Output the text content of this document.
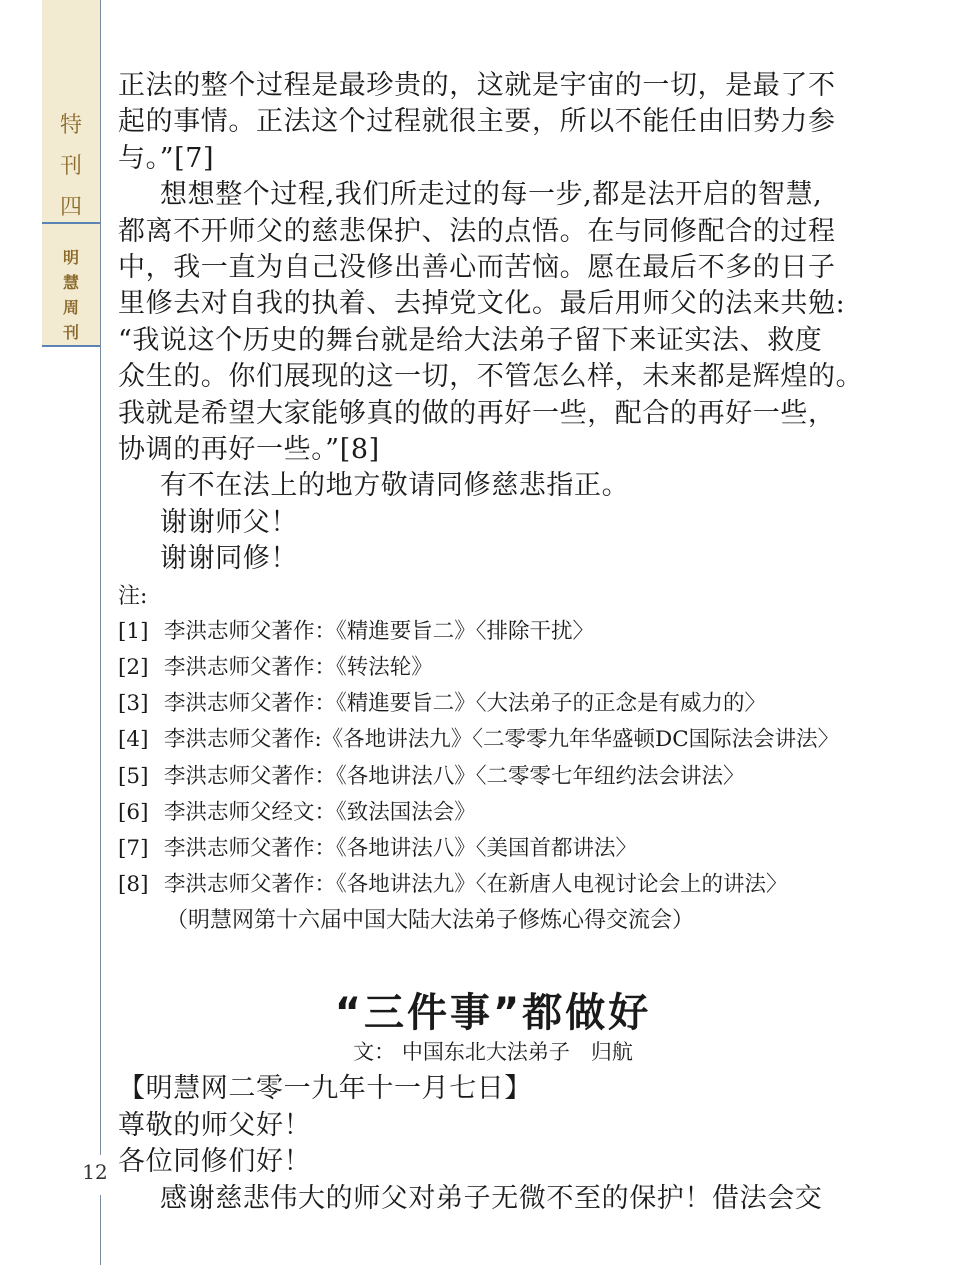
特
刊
四
明
慧
周
刊
12
正法的整个过程是最珍贵的，这就是宇宙的一切，是最了不
起的事情。正法这个过程就很主要，所以不能任由旧势力参
与。”[7]
想想整个过程,我们所走过的每一步,都是法开启的智慧,
都离不开师父的慈悲保护、法的点悟。在与同修配合的过程
中，我一直为自己没修出善心而苦恼。愿在最后不多的日子
里修去对自我的执着、去掉党文化。最后用师父的法来共勉:
“我说这个历史的舞台就是给大法弟子留下来证实法、救度
众生的。你们展现的这一切，不管怎么样，未来都是辉煌的。
我就是希望大家能够真的做的再好一些，配合的再好一些，
协调的再好一些。”[8]
有不在法上的地方敬请同修慈悲指正。
谢谢师父！
谢谢同修！
注:
[1] 李洪志师父著作：《精進要旨二》〈排除干扰〉
[2] 李洪志师父著作：《转法轮》
[3] 李洪志师父著作：《精進要旨二》〈大法弟子的正念是有威力的〉
[4] 李洪志师父著作:《各地讲法九》〈二零零九年华盛顿DC国际法会讲法〉
[5] 李洪志师父著作：《各地讲法八》〈二零零七年纽约法会讲法〉
[6] 李洪志师父经文：《致法国法会》
[7] 李洪志师父著作：《各地讲法八》〈美国首都讲法〉
[8] 李洪志师父著作：《各地讲法九》〈在新唐人电视讨论会上的讲法〉
（明慧网第十六届中国大陆大法弟子修炼心得交流会）
“三件事”都做好
文： 中国东北大法弟子　归航
【明慧网二零一九年十一月七日】
尊敬的师父好！
各位同修们好！
感谢慈悲伟大的师父对弟子无微不至的保护！借法会交
